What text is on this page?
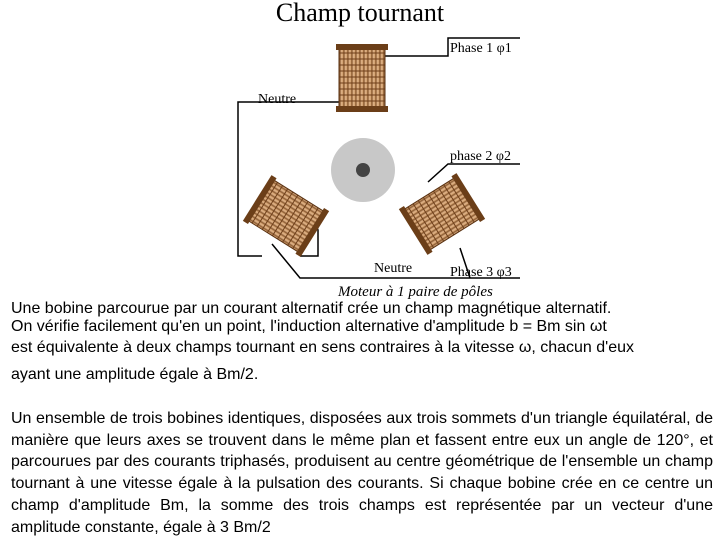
Champ tournant
Phase 1 φ1
Neutre
phase 2 φ2
Neutre	Phase 3 φ3
Moteur à 1 paire de pôles

Une bobine parcourue par un courant alternatif crée un champ magnétique alternatif.
On vérifie facilement qu'en un point, l'induction alternative d'amplitude b = Bm sin ωt

est équivalente à deux champs tournant en sens contraires à la vitesse ω, chacun d'eux

ayant une amplitude égale à Bm/2.

Un ensemble de trois bobines identiques, disposées aux trois sommets d'un triangle équilatéral, de manière que leurs axes se trouvent dans le même plan et fassent entre eux un angle de 120°, et parcourues par des courants triphasés, produisent au centre géométrique de l'ensemble un champ tournant à une vitesse égale à la pulsation des courants. Si chaque bobine crée en ce centre un champ d'amplitude Bm, la somme des trois champs est représentée par un vecteur d'une amplitude constante, égale à 3 Bm/2
